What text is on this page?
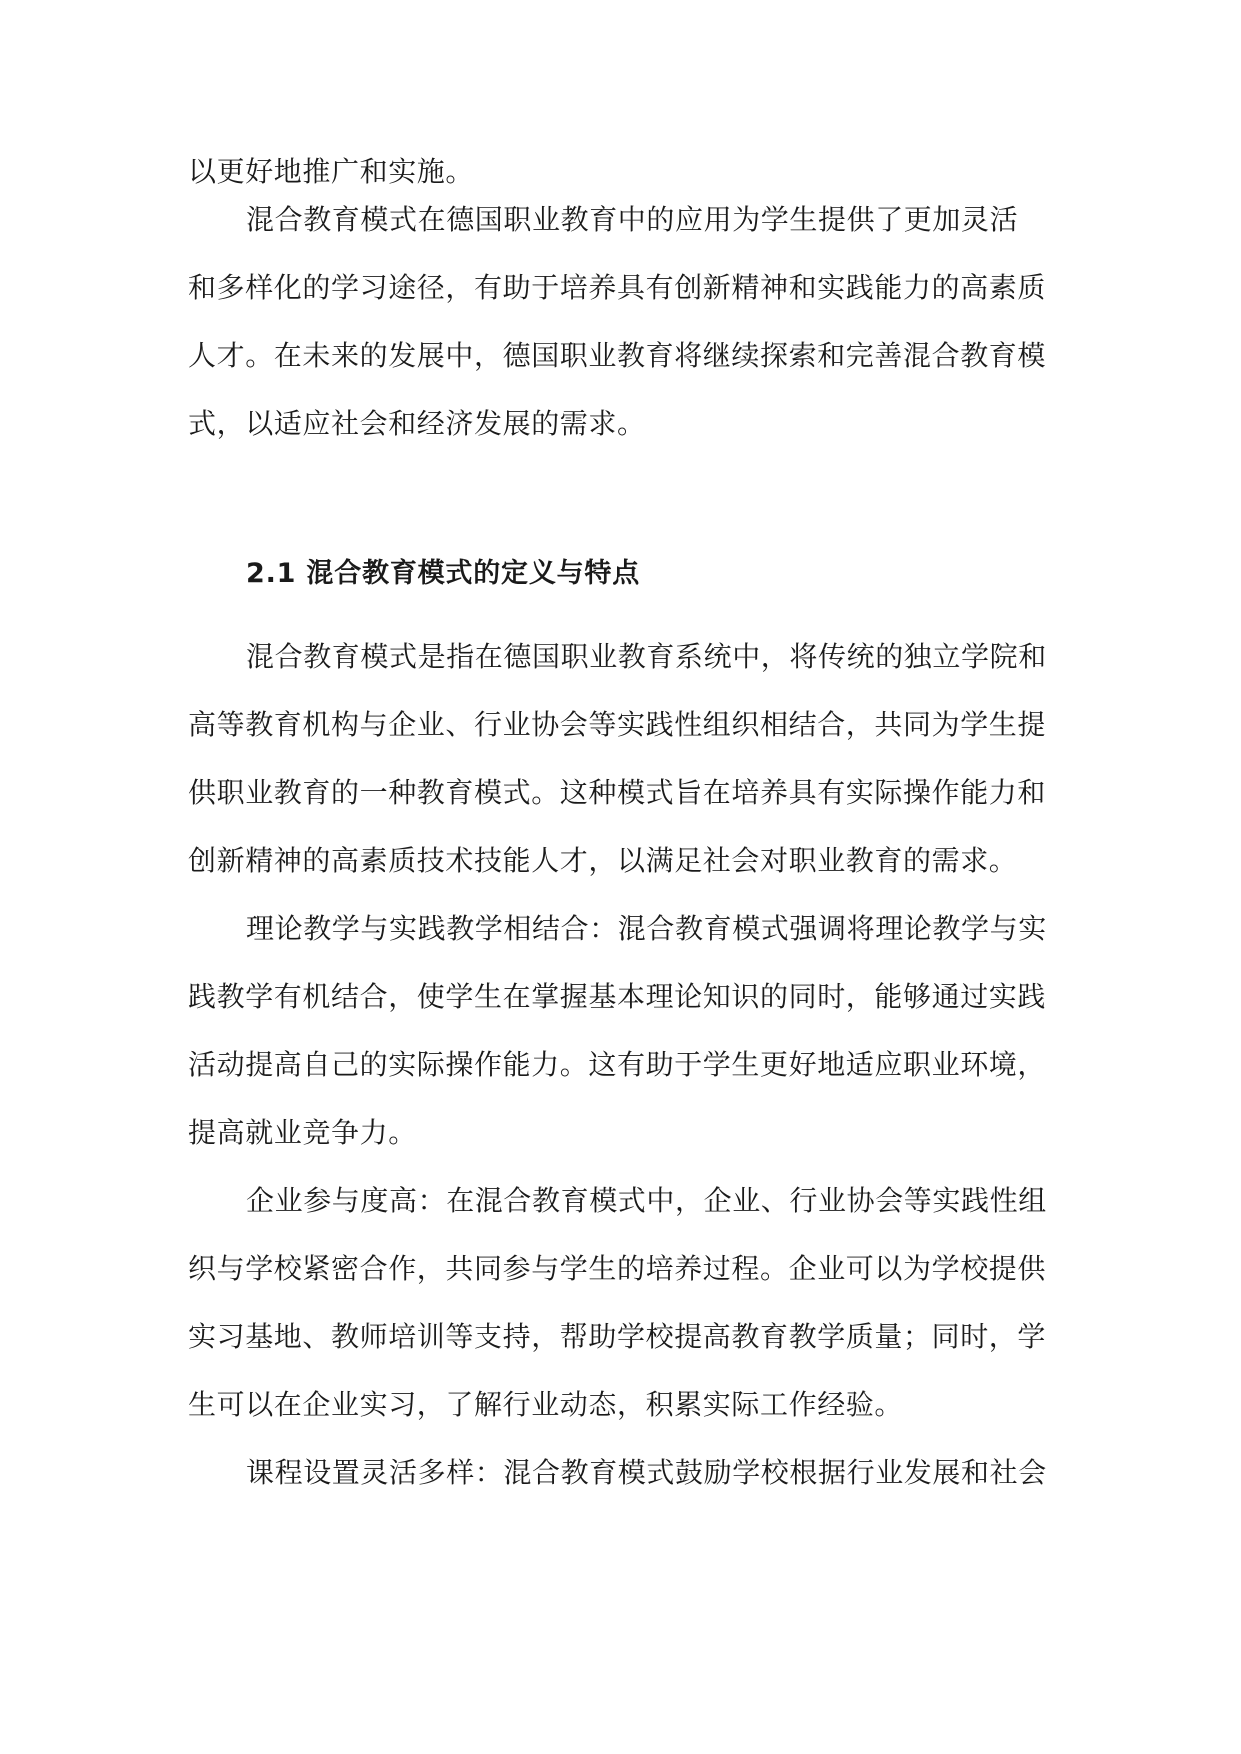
以更好地推广和实施。

混合教育模式在德国职业教育中的应用为学生提供了更加灵活

和多样化的学习途径，有助于培养具有创新精神和实践能力的高素质

人才。在未来的发展中，德国职业教育将继续探索和完善混合教育模

式，以适应社会和经济发展的需求。

2.1 混合教育模式的定义与特点

混合教育模式是指在德国职业教育系统中，将传统的独立学院和

高等教育机构与企业、行业协会等实践性组织相结合，共同为学生提

供职业教育的一种教育模式。这种模式旨在培养具有实际操作能力和

创新精神的高素质技术技能人才，以满足社会对职业教育的需求。

理论教学与实践教学相结合：混合教育模式强调将理论教学与实

践教学有机结合，使学生在掌握基本理论知识的同时，能够通过实践

活动提高自己的实际操作能力。这有助于学生更好地适应职业环境，

提高就业竞争力。

企业参与度高：在混合教育模式中，企业、行业协会等实践性组

织与学校紧密合作，共同参与学生的培养过程。企业可以为学校提供

实习基地、教师培训等支持，帮助学校提高教育教学质量；同时，学

生可以在企业实习，了解行业动态，积累实际工作经验。

课程设置灵活多样：混合教育模式鼓励学校根据行业发展和社会
